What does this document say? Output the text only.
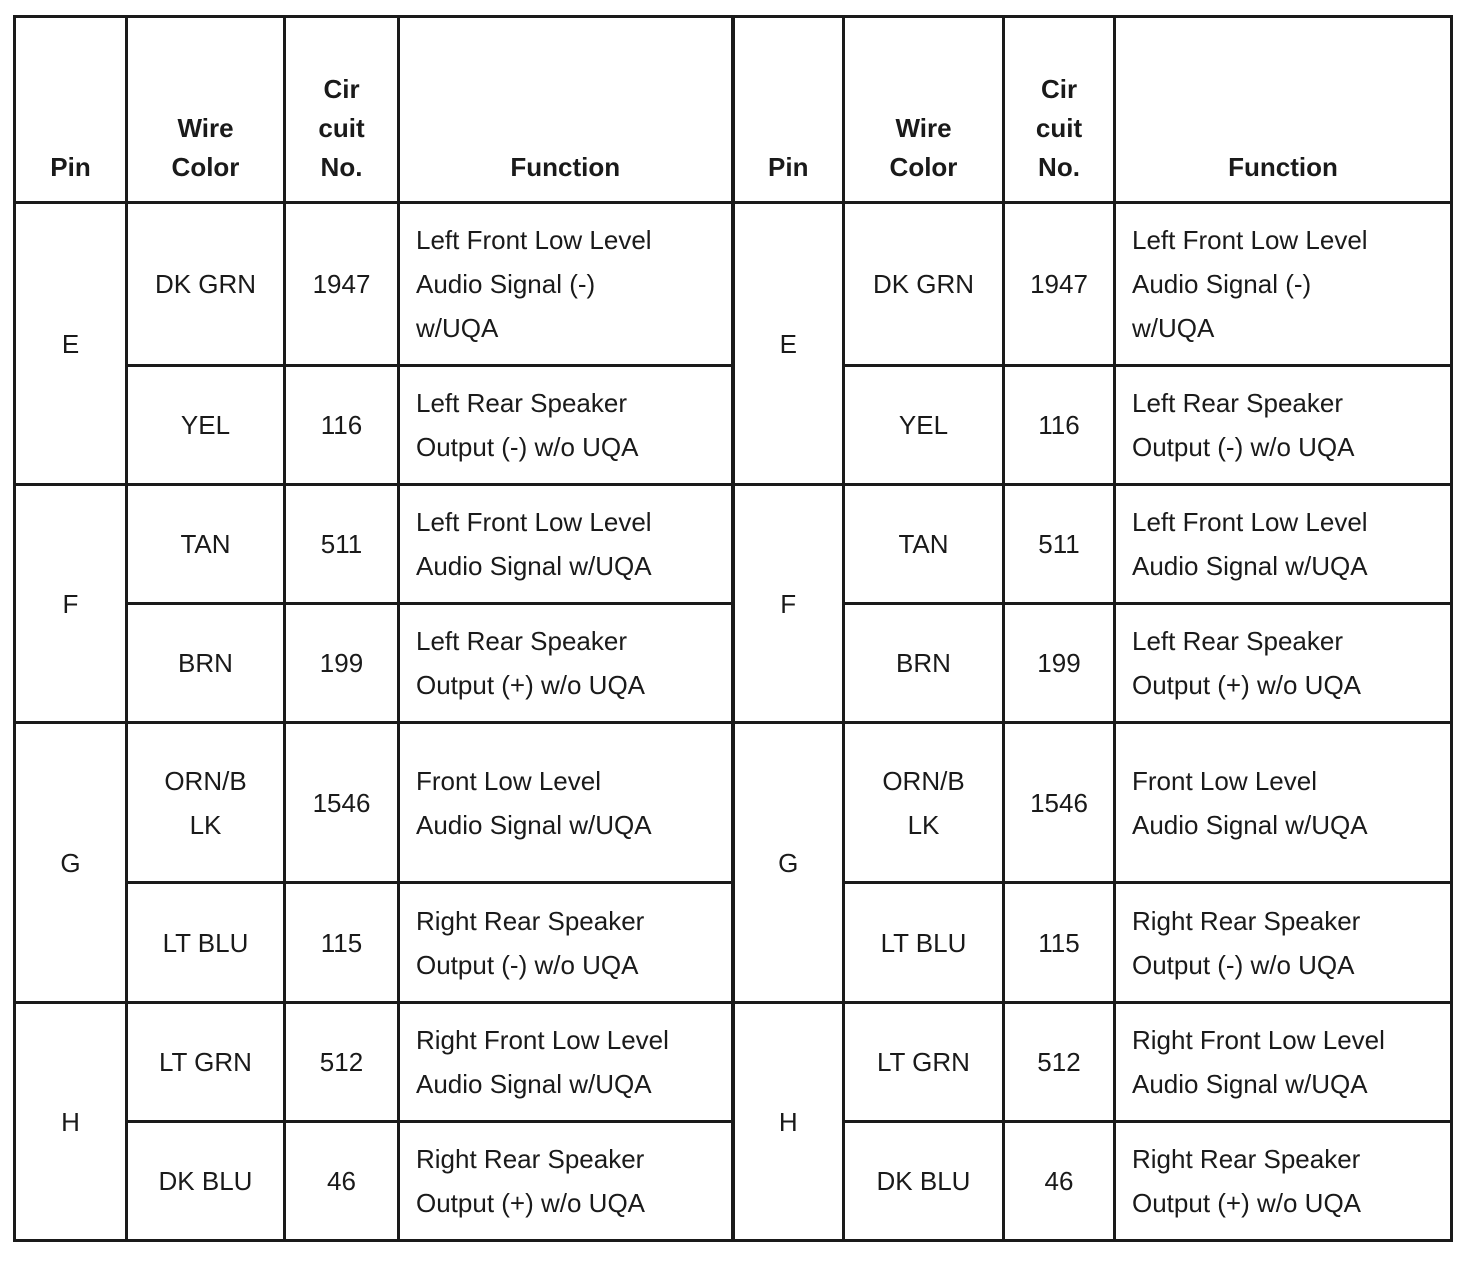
Pin	Wire
Color	Cir
cuit
No.	Function	Pin	Wire
Color	Cir
cuit
No.	Function
E	DK GRN	1947	Left Front Low Level
Audio Signal (-)
w/UQA	E	DK GRN	1947	Left Front Low Level
Audio Signal (-)
w/UQA

	YEL	116	Left Rear Speaker
Output (-) w/o UQA		YEL	116	Left Rear Speaker
Output (-) w/o UQA

F	TAN	511	Left Front Low Level
Audio Signal w/UQA	F	TAN	511	Left Front Low Level
Audio Signal w/UQA

	BRN	199	Left Rear Speaker
Output (+) w/o UQA		BRN	199	Left Rear Speaker
Output (+) w/o UQA

G	ORN/B
LK	1546	Front Low Level
Audio Signal w/UQA	G	ORN/B
LK	1546	Front Low Level
Audio Signal w/UQA

	LT BLU	115	Right Rear Speaker
Output (-) w/o UQA		LT BLU	115	Right Rear Speaker
Output (-) w/o UQA

H	LT GRN	512	Right Front Low Level
Audio Signal w/UQA	H	LT GRN	512	Right Front Low Level
Audio Signal w/UQA

	DK BLU	46	Right Rear Speaker
Output (+) w/o UQA		DK BLU	46	Right Rear Speaker
Output (+) w/o UQA
